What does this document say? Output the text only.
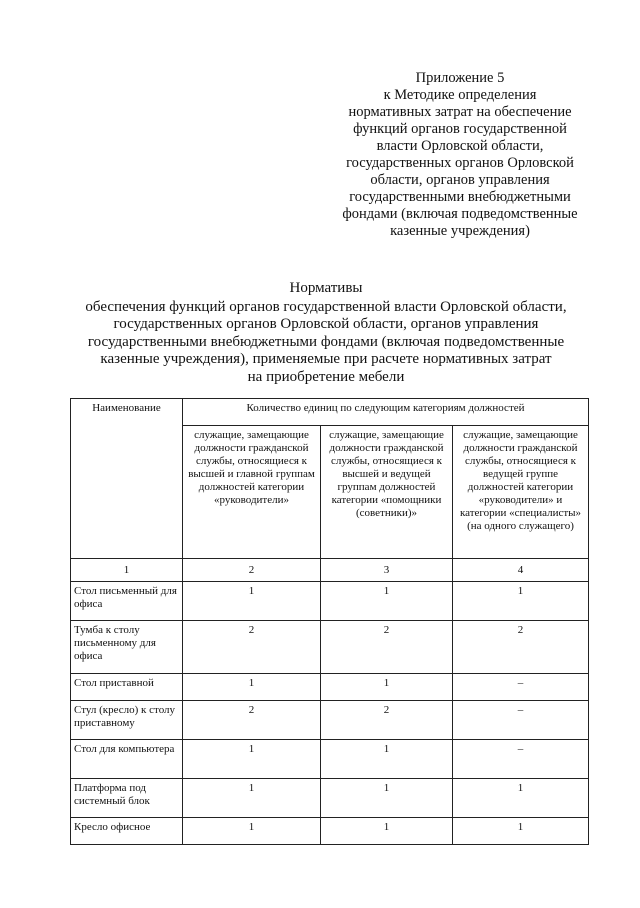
Приложение 5
к Методике определения
нормативных затрат на обеспечение
функций органов государственной
власти Орловской области,
государственных органов Орловской
области, органов управления
государственными внебюджетными
фондами (включая подведомственные
казенные учреждения)
Нормативы
обеспечения функций органов государственной власти Орловской области,
государственных органов Орловской области, органов управления
государственными внебюджетными фондами (включая подведомственные
казенные учреждения), применяемые при расчете нормативных затрат
на приобретение мебели
Наименование	Количество единиц по следующим категориям должностей		
	служащие, замещающие должности гражданской службы, относящиеся к высшей и главной группам должностей категории «руководители»	служащие, замещающие должности гражданской службы, относящиеся к высшей и ведущей группам должностей категории «помощники (советники)»	служащие, замещающие должности гражданской службы, относящиеся к ведущей группе должностей категории «руководители» и категории «специалисты» (на одного служащего)
1	2	3	4
Стол письменный для офиса	1	1	1
Тумба к столу письменному для офиса	2	2	2
Стол приставной	1	1	–
Стул (кресло) к столу приставному	2	2	–
Стол для компьютера	1	1	–
Платформа под системный блок	1	1	1
Кресло офисное	1	1	1
